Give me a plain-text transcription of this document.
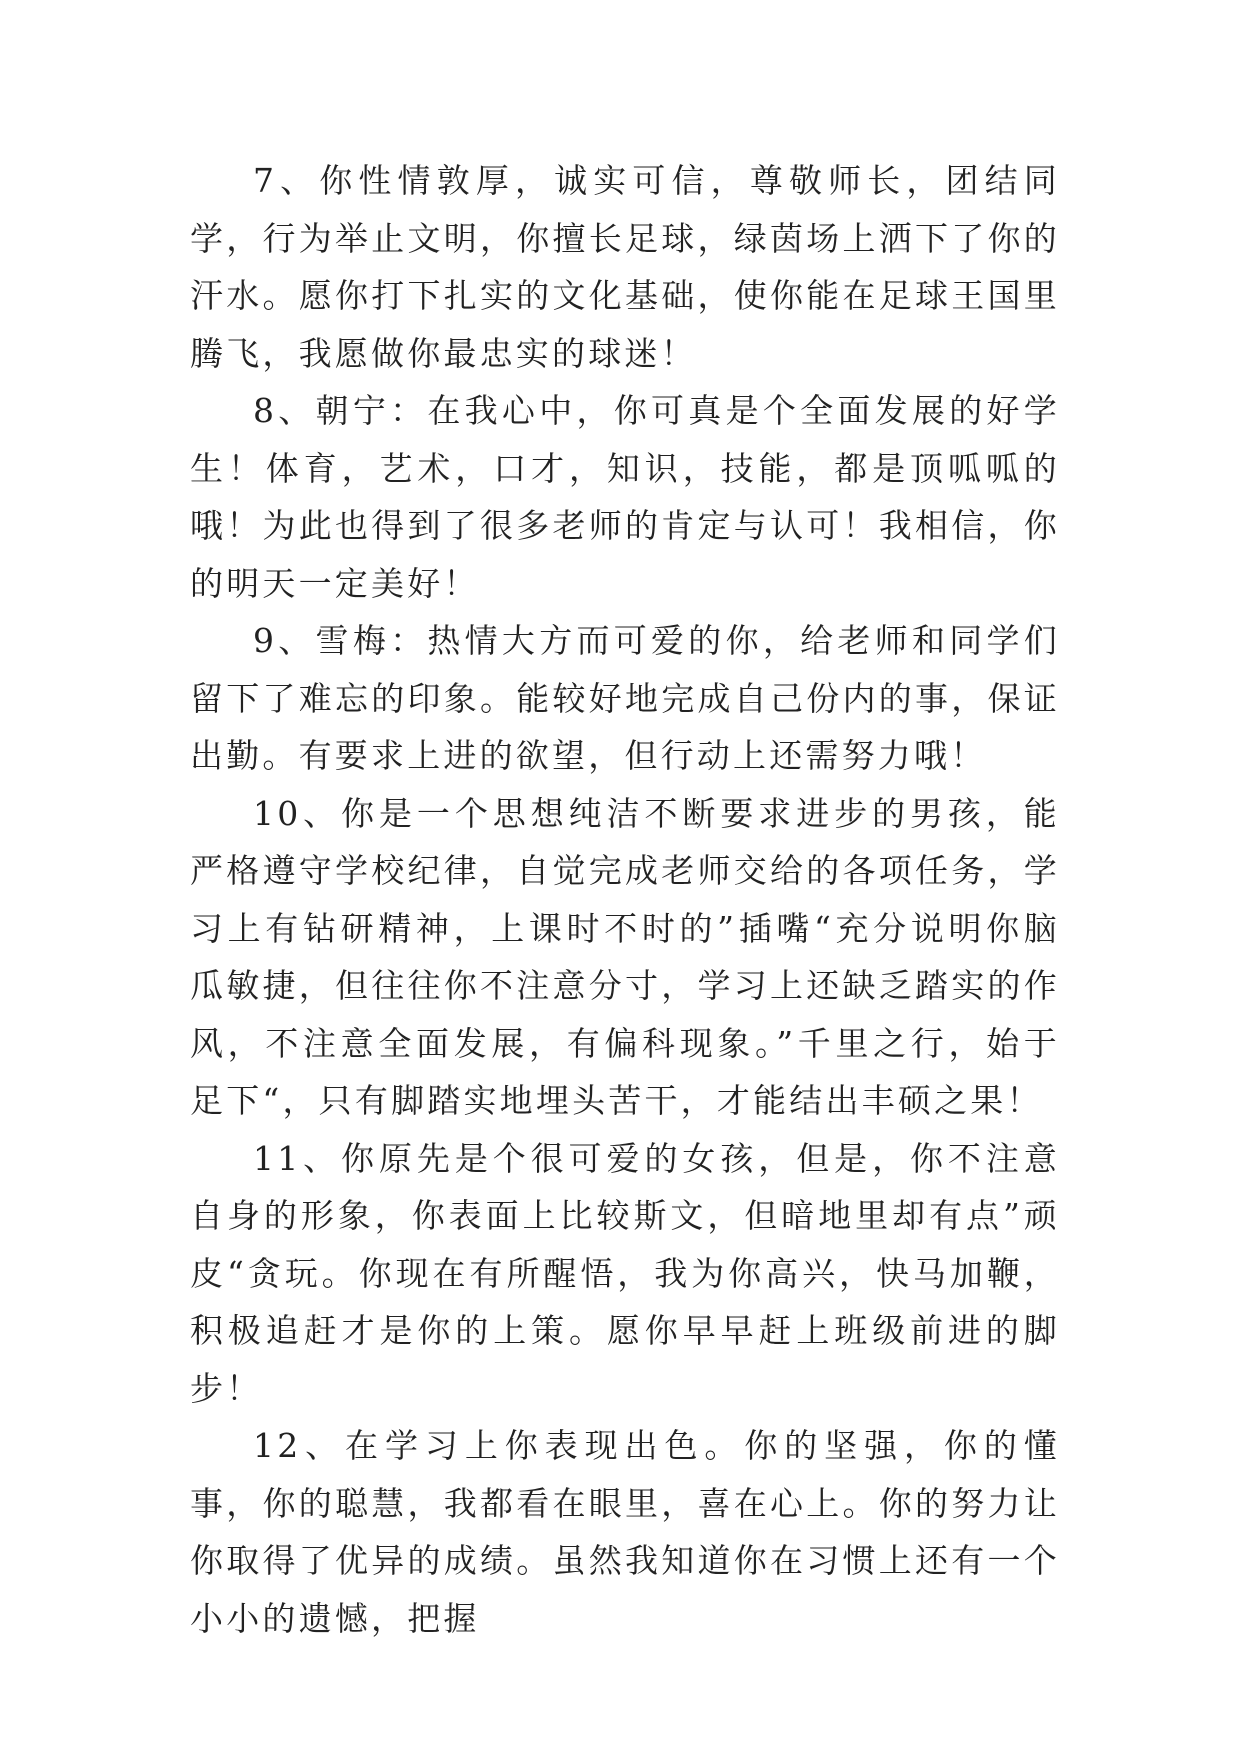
7、你性情敦厚，诚实可信，尊敬师长，团结同学，行为举止文明，你擅长足球，绿茵场上洒下了你的汗水。愿你打下扎实的文化基础，使你能在足球王国里腾飞，我愿做你最忠实的球迷！

8、朝宁：在我心中，你可真是个全面发展的好学生！体育，艺术，口才，知识，技能，都是顶呱呱的哦！为此也得到了很多老师的肯定与认可！我相信，你的明天一定美好！

9、雪梅：热情大方而可爱的你，给老师和同学们留下了难忘的印象。能较好地完成自己份内的事，保证出勤。有要求上进的欲望，但行动上还需努力哦！

10、你是一个思想纯洁不断要求进步的男孩，能严格遵守学校纪律，自觉完成老师交给的各项任务，学习上有钻研精神，上课时不时的”插嘴“充分说明你脑瓜敏捷，但往往你不注意分寸，学习上还缺乏踏实的作风，不注意全面发展，有偏科现象。”千里之行，始于足下“，只有脚踏实地埋头苦干，才能结出丰硕之果！

11、你原先是个很可爱的女孩，但是，你不注意自身的形象，你表面上比较斯文，但暗地里却有点”顽皮“贪玩。你现在有所醒悟，我为你高兴，快马加鞭，积极追赶才是你的上策。愿你早早赶上班级前进的脚步！

12、在学习上你表现出色。你的坚强，你的懂事，你的聪慧，我都看在眼里，喜在心上。你的努力让你取得了优异的成绩。虽然我知道你在习惯上还有一个小小的遗憾，把握
